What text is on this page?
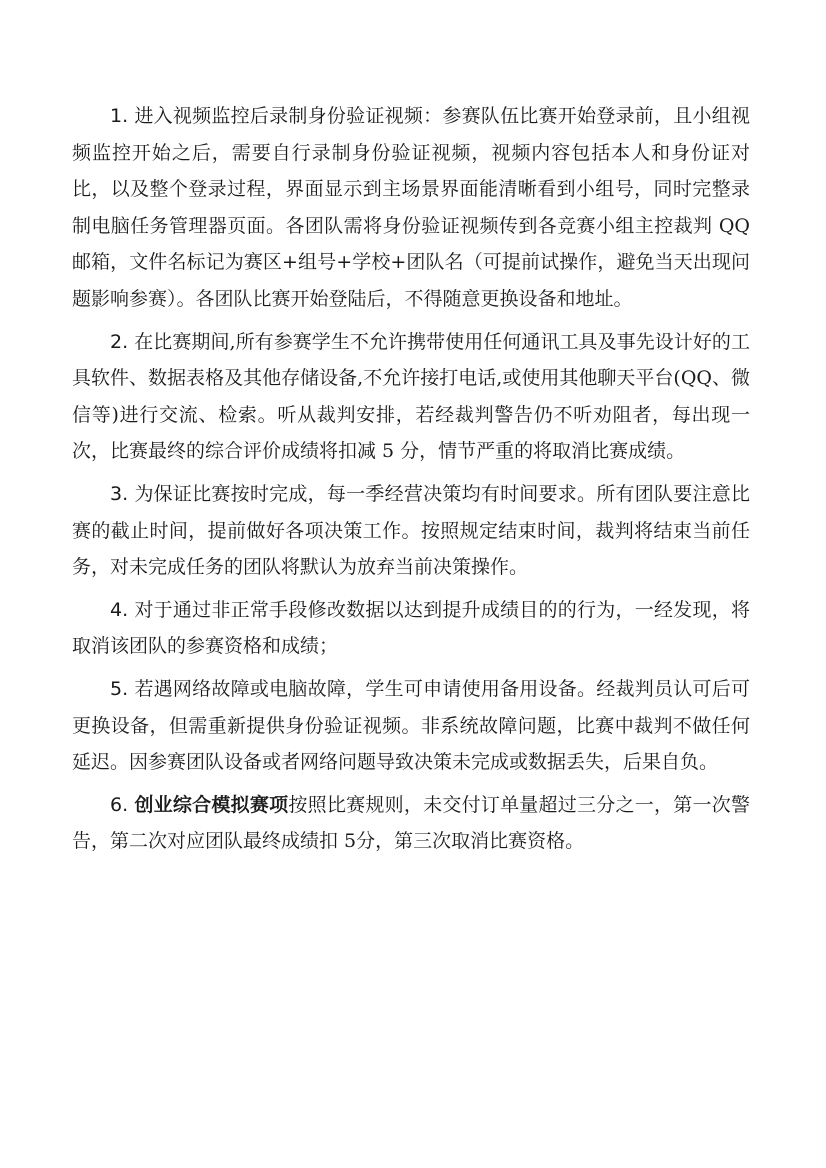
1. 进入视频监控后录制身份验证视频：参赛队伍比赛开始登录前，且小组视频监控开始之后，需要自行录制身份验证视频，视频内容包括本人和身份证对比，以及整个登录过程，界面显示到主场景界面能清晰看到小组号，同时完整录制电脑任务管理器页面。各团队需将身份验证视频传到各竞赛小组主控裁判 QQ 邮箱，文件名标记为赛区+组号+学校+团队名（可提前试操作，避免当天出现问题影响参赛）。各团队比赛开始登陆后，不得随意更换设备和地址。

2. 在比赛期间,所有参赛学生不允许携带使用任何通讯工具及事先设计好的工具软件、数据表格及其他存储设备,不允许接打电话,或使用其他聊天平台(QQ、微信等)进行交流、检索。听从裁判安排，若经裁判警告仍不听劝阻者，每出现一次，比赛最终的综合评价成绩将扣减 5 分，情节严重的将取消比赛成绩。

3. 为保证比赛按时完成，每一季经营决策均有时间要求。所有团队要注意比赛的截止时间，提前做好各项决策工作。按照规定结束时间，裁判将结束当前任务，对未完成任务的团队将默认为放弃当前决策操作。

4. 对于通过非正常手段修改数据以达到提升成绩目的的行为，一经发现，将取消该团队的参赛资格和成绩；

5. 若遇网络故障或电脑故障，学生可申请使用备用设备。经裁判员认可后可更换设备，但需重新提供身份验证视频。非系统故障问题，比赛中裁判不做任何延迟。因参赛团队设备或者网络问题导致决策未完成或数据丢失，后果自负。

6. 创业综合模拟赛项按照比赛规则，未交付订单量超过三分之一，第一次警告，第二次对应团队最终成绩扣 5分，第三次取消比赛资格。
